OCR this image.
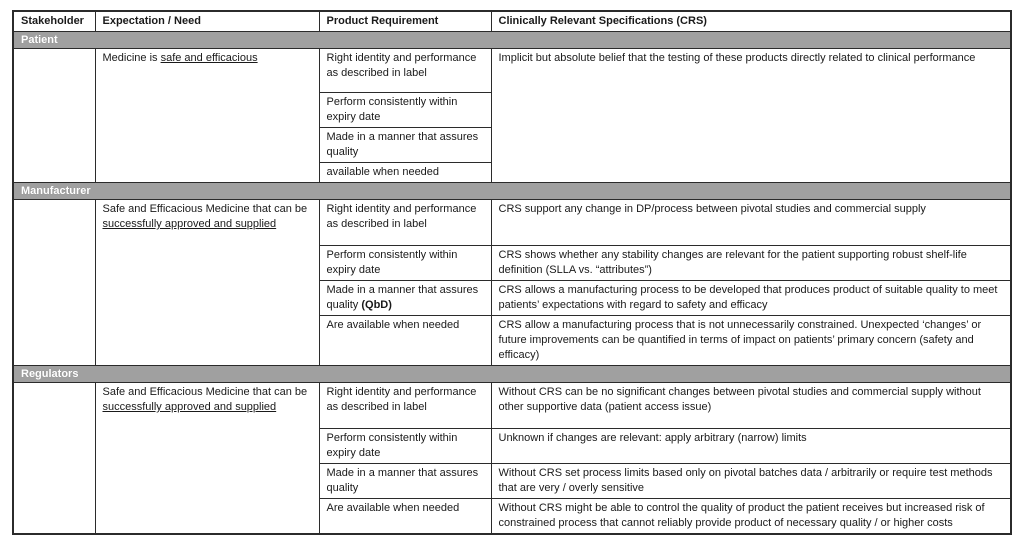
Stakeholder	Expectation / Need	Product Requirement	Clinically Relevant Specifications (CRS)
Patient			
	Medicine is safe and efficacious	Right identity and performance as described in label	Implicit but absolute belief that the testing of these products directly related to clinical performance
		Perform consistently within expiry date	
		Made in a manner that assures quality	
		available when needed	
Manufacturer			
	Safe and Efficacious Medicine that can be successfully approved and supplied	Right identity and performance as described in label	CRS support any change in DP/process between pivotal studies and commercial supply
		Perform consistently within expiry date	CRS shows whether any stability changes are relevant for the patient supporting robust shelf-life definition (SLLA vs. “attributes”)
		Made in a manner that assures quality (QbD)	CRS allows a manufacturing process to be developed that produces product of suitable quality to meet patients’ expectations with regard to safety and efficacy
		Are available when needed	CRS allow a manufacturing process that is not unnecessarily constrained. Unexpected ‘changes’ or future improvements can be quantified in terms of impact on patients’ primary concern (safety and efficacy)
Regulators			
	Safe and Efficacious Medicine that can be successfully approved and supplied	Right identity and performance as described in label	Without CRS can be no significant changes between pivotal studies and commercial supply without other supportive data (patient access issue)
		Perform consistently within expiry date	Unknown if changes are relevant: apply arbitrary (narrow) limits
		Made in a manner that assures quality	Without CRS set process limits based only on pivotal batches data / arbitrarily or require test methods that are very / overly sensitive
		Are available when needed	Without CRS might be able to control the quality of product the patient receives but increased risk of constrained process that cannot reliably provide product of necessary quality / or higher costs
